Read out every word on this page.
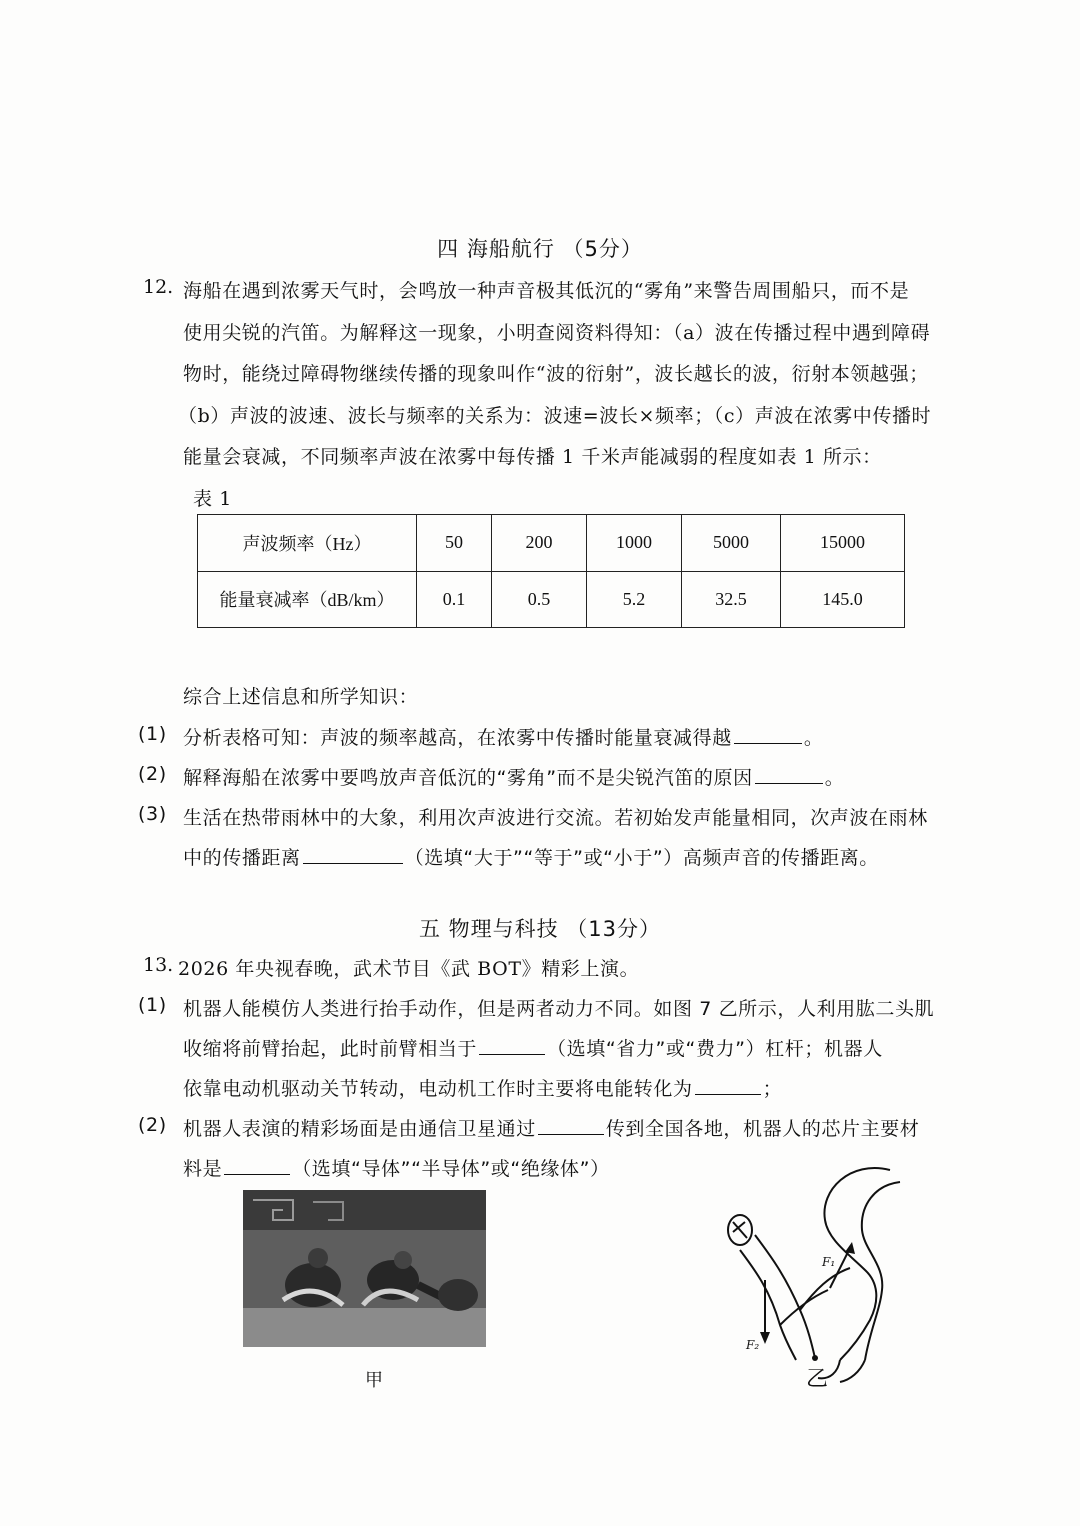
四 海船航行 （5分）
12. 海船在遇到浓雾天气时，会鸣放一种声音极其低沉的“雾角”来警告周围船只，而不是
使用尖锐的汽笛。为解释这一现象，小明查阅资料得知：（a）波在传播过程中遇到障碍
物时，能绕过障碍物继续传播的现象叫作“波的衍射”，波长越长的波，衍射本领越强；
（b）声波的波速、波长与频率的关系为：波速=波长×频率；（c）声波在浓雾中传播时
能量会衰减，不同频率声波在浓雾中每传播 1 千米声能减弱的程度如表 1 所示：
表 1
声波频率（Hz）	50	200	1000	5000	15000
能量衰减率（dB/km）	0.1	0.5	5.2	32.5	145.0
综合上述信息和所学知识：
(1) 分析表格可知：声波的频率越高，在浓雾中传播时能量衰减得越	。
(2) 解释海船在浓雾中要鸣放声音低沉的“雾角”而不是尖锐汽笛的原因	。
(3) 生活在热带雨林中的大象，利用次声波进行交流。若初始发声能量相同，次声波在雨林
中的传播距离	（选填“大于”“等于”或“小于”）高频声音的传播距离。
五 物理与科技 （13分）
13. 2026 年央视春晚，武术节目《武 BOT》精彩上演。
(1) 机器人能模仿人类进行抬手动作，但是两者动力不同。如图 7 乙所示，人利用肱二头肌
收缩将前臂抬起，此时前臂相当于	（选填“省力”或“费力”）杠杆；机器人
依靠电动机驱动关节转动，电动机工作时主要将电能转化为	；
(2) 机器人表演的精彩场面是由通信卫星通过	传到全国各地，机器人的芯片主要材
料是	（选填“导体”“半导体”或“绝缘体”）
甲
F₁
F₂
乙
